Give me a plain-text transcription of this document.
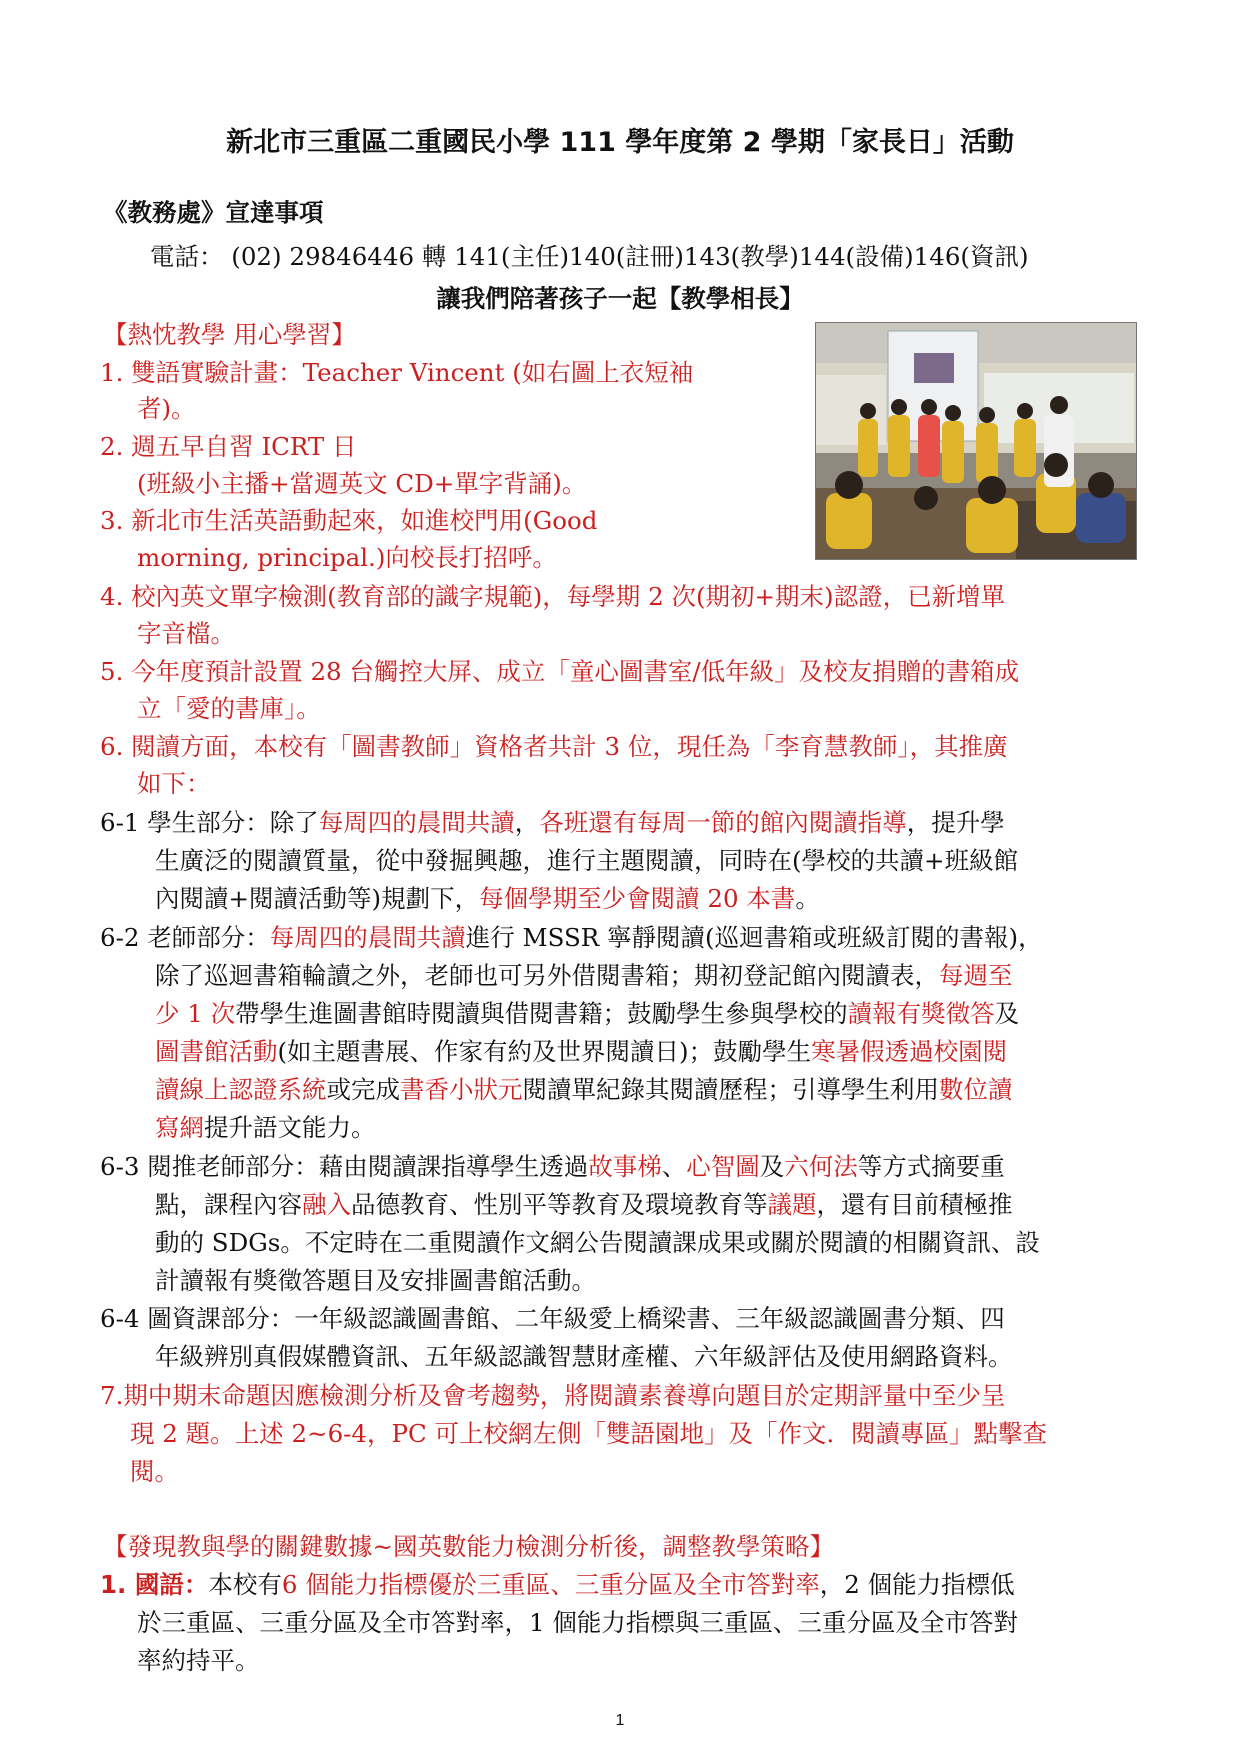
新北市三重區二重國民小學 111 學年度第 2 學期「家長日」活動
《教務處》宣達事項
電話： (02) 29846446 轉 141(主任)140(註冊)143(教學)144(設備)146(資訊)
讓我們陪著孩子一起【教學相長】
【熱忱教學 用心學習】
1. 雙語實驗計畫：Teacher Vincent (如右圖上衣短袖
者)。
2. 週五早自習 ICRT 日
(班級小主播+當週英文 CD+單字背誦)。
3. 新北市生活英語動起來，如進校門用(Good
morning, principal.)向校長打招呼。
4. 校內英文單字檢測(教育部的識字規範)，每學期 2 次(期初+期末)認證，已新增單
字音檔。
5. 今年度預計設置 28 台觸控大屏、成立「童心圖書室/低年級」及校友捐贈的書箱成
立「愛的書庫」。
6. 閱讀方面，本校有「圖書教師」資格者共計 3 位，現任為「李育慧教師」，其推廣
如下：
6-1 學生部分：除了每周四的晨間共讀，各班還有每周一節的館內閱讀指導，提升學
生廣泛的閱讀質量，從中發掘興趣，進行主題閱讀，同時在(學校的共讀+班級館
內閱讀+閱讀活動等)規劃下，每個學期至少會閱讀 20 本書。
6-2 老師部分：每周四的晨間共讀進行 MSSR 寧靜閱讀(巡迴書箱或班級訂閱的書報)，
除了巡迴書箱輪讀之外，老師也可另外借閱書箱；期初登記館內閱讀表，每週至
少 1 次帶學生進圖書館時閱讀與借閱書籍；鼓勵學生參與學校的讀報有獎徵答及
圖書館活動(如主題書展、作家有約及世界閱讀日)；鼓勵學生寒暑假透過校園閱
讀線上認證系統或完成書香小狀元閱讀單紀錄其閱讀歷程；引導學生利用數位讀
寫網提升語文能力。
6-3 閱推老師部分：藉由閱讀課指導學生透過故事梯、心智圖及六何法等方式摘要重
點，課程內容融入品德教育、性別平等教育及環境教育等議題，還有目前積極推
動的 SDGs。不定時在二重閱讀作文網公告閱讀課成果或關於閱讀的相關資訊、設
計讀報有獎徵答題目及安排圖書館活動。
6-4 圖資課部分：一年級認識圖書館、二年級愛上橋梁書、三年級認識圖書分類、四
年級辨別真假媒體資訊、五年級認識智慧財產權、六年級評估及使用網路資料。
7.期中期末命題因應檢測分析及會考趨勢，將閱讀素養導向題目於定期評量中至少呈
現 2 題。上述 2~6-4，PC 可上校網左側「雙語園地」及「作文．閱讀專區」點擊查
閱。
【發現教與學的關鍵數據~國英數能力檢測分析後，調整教學策略】
1. 國語：本校有6 個能力指標優於三重區、三重分區及全市答對率，2 個能力指標低
於三重區、三重分區及全市答對率，1 個能力指標與三重區、三重分區及全市答對
率約持平。
1
